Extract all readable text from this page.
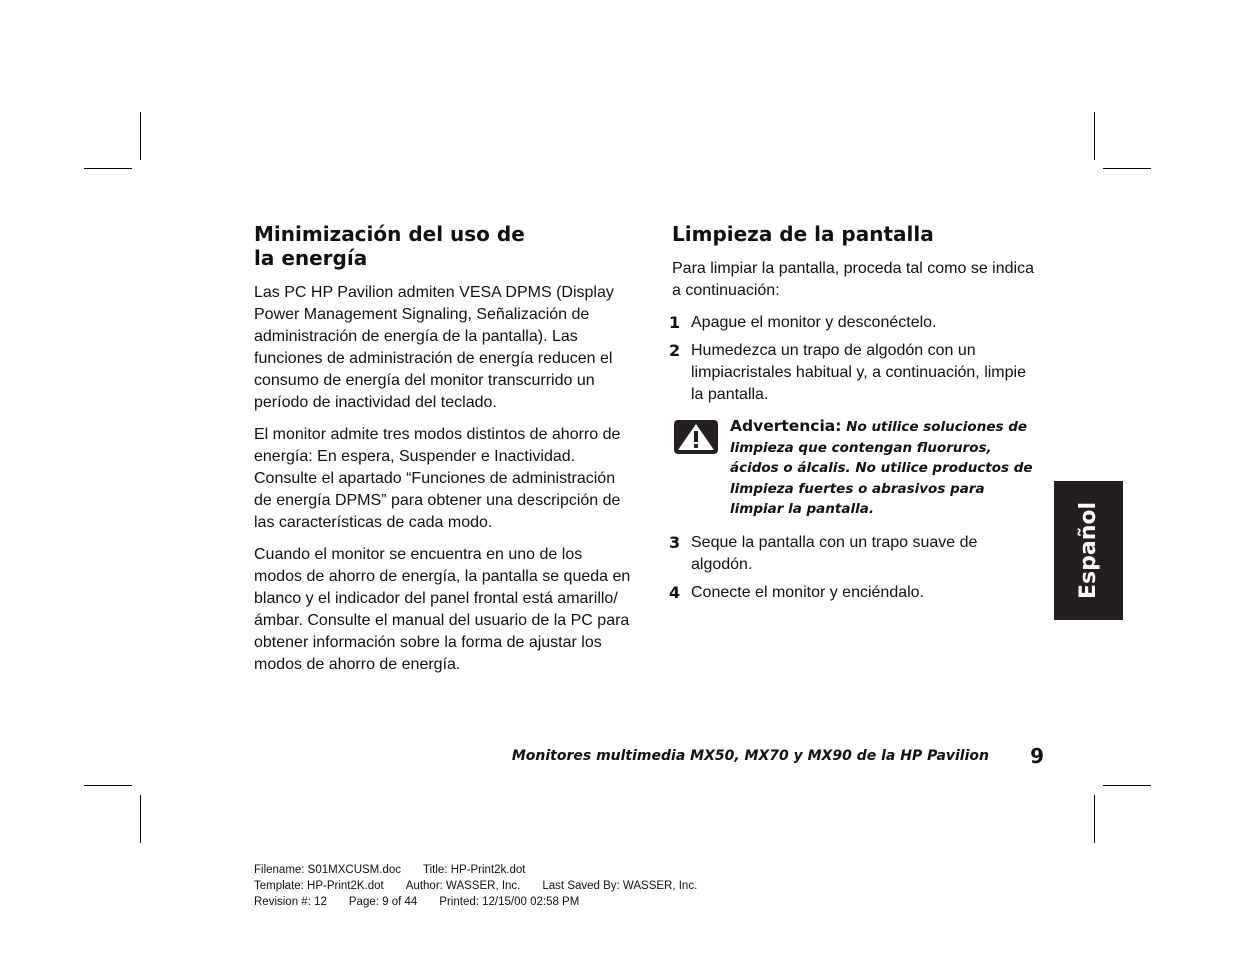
Minimización del uso de
la energía

Las PC HP Pavilion admiten VESA DPMS (Display Power Management Signaling, Señalización de administración de energía de la pantalla). Las funciones de administración de energía reducen el consumo de energía del monitor transcurrido un período de inactividad del teclado.

El monitor admite tres modos distintos de ahorro de energía: En espera, Suspender e Inactividad. Consulte el apartado “Funciones de administración de energía DPMS” para obtener una descripción de las características de cada modo.

Cuando el monitor se encuentra en uno de los modos de ahorro de energía, la pantalla se queda en blanco y el indicador del panel frontal está amarillo/ámbar. Consulte el manual del usuario de la PC para obtener información sobre la forma de ajustar los modos de ahorro de energía.

Limpieza de la pantalla

Para limpiar la pantalla, proceda tal como se indica a continuación:

1 Apague el monitor y desconéctelo.
2 Humedezca un trapo de algodón con un limpiacristales habitual y, a continuación, limpie la pantalla.
Advertencia: No utilice soluciones de limpieza que contengan fluoruros, ácidos o álcalis. No utilice productos de limpieza fuertes o abrasivos para limpiar la pantalla.
3 Seque la pantalla con un trapo suave de algodón.
4 Conecte el monitor y enciéndalo.	Español
Monitores multimedia MX50, MX70 y MX90 de la HP Pavilion	9
Filename: S01MXCUSM.doc Title: HP-Print2k.dot
Template: HP-Print2K.dot Author: WASSER, Inc. Last Saved By: WASSER, Inc.
Revision #: 12 Page: 9 of 44 Printed: 12/15/00 02:58 PM
